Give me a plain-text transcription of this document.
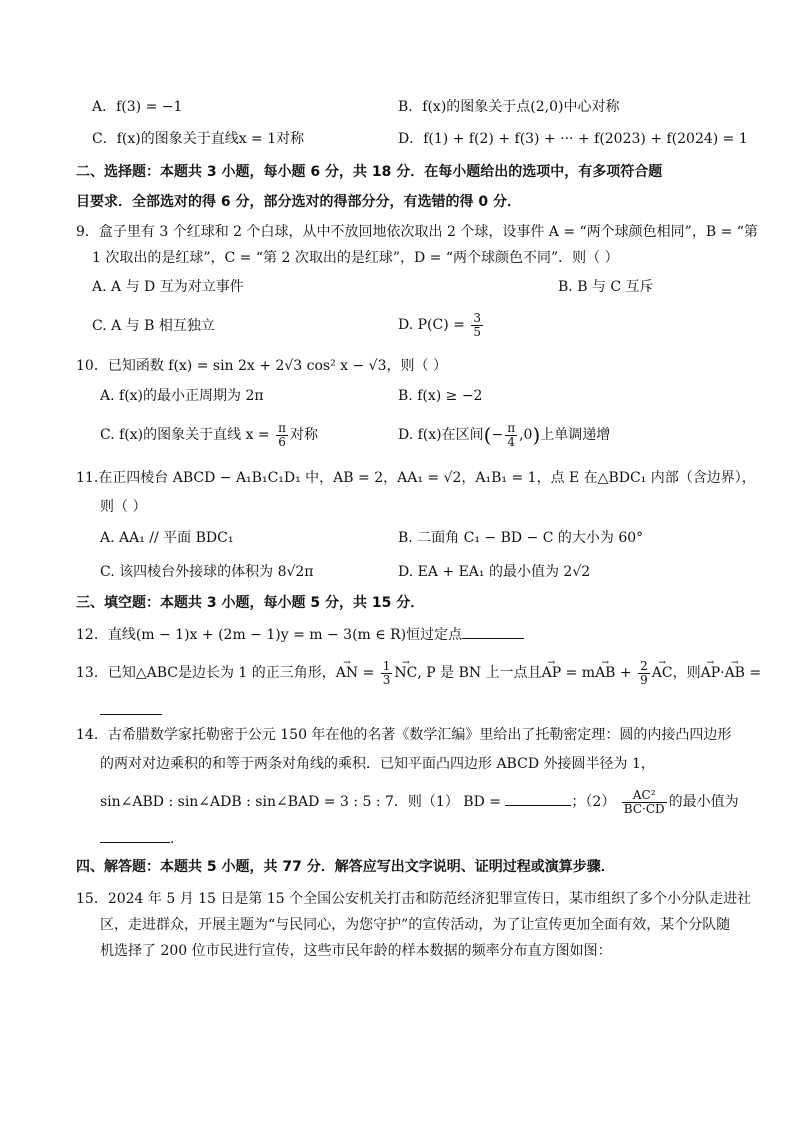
A．f(3) = −1	B．f(x)的图象关于点(2,0)中心对称
C．f(x)的图象关于直线x = 1对称	D．f(1) + f(2) + f(3) + ··· + f(2023) + f(2024) = 1
二、选择题：本题共 3 小题，每小题 6 分，共 18 分．在每小题给出的选项中，有多项符合题
目要求．全部选对的得 6 分，部分选对的得部分分，有选错的得 0 分．
9．盒子里有 3 个红球和 2 个白球，从中不放回地依次取出 2 个球，设事件 A = “两个球颜色相同”，B = “第
1 次取出的是红球”，C = “第 2 次取出的是红球”，D = “两个球颜色不同”．则（ ）
A. A 与 D 互为对立事件	B. B 与 C 互斥
C. A 与 B 相互独立	D. $P(C) = \frac{3}{5}$
10．已知函数 f(x) = sin 2x + 2√3 cos² x − √3，则（ ）
A. f(x)的最小正周期为 2π	B. f(x) ≥ −2
C. f(x)的图象关于直线 $x = \frac{\pi}{6}$ 对称	D. f(x)在区间(− $\frac{\pi}{4} ,0$)上单调递增
11.在正四棱台 ABCD − A₁B₁C₁D₁ 中，AB = 2，AA₁ = √2，A₁B₁ = 1，点 E 在△BDC₁ 内部（含边界），
则（ ）
A. AA₁ // 平面 BDC₁	B. 二面角 C₁ − BD − C 的大小为 60°
C. 该四棱台外接球的体积为 8√2π	D. EA + EA₁ 的最小值为 2√2
三、填空题：本题共 3 小题，每小题 5 分，共 15 分．
12．直线(m − 1)x + (2m − 1)y = m − 3(m ∈ R)恒过定点
13．已知△ABC是边长为 1 的正三角形，→ AN = $\frac{1}{3}$ → NC, P 是 BN 上一点且→ AP = m→ AB + $\frac{2}{9}$ → AC，则→ AP·→ AB =
14．古希腊数学家托勒密于公元 150 年在他的名著《数学汇编》里给出了托勒密定理：圆的内接凸四边形
的两对对边乘积的和等于两条对角线的乘积．已知平面凸四边形 ABCD 外接圆半径为 1，
sin∠ABD : sin∠ADB : sin∠BAD = 3 : 5 : 7．则（1） BD =	；$(2) \frac{\text{AC²}}{BC\cdot CD}$ 的最小值为
．
四、解答题：本题共 5 小题，共 77 分．解答应写出文字说明、证明过程或演算步骤．
15．2024 年 5 月 15 日是第 15 个全国公安机关打击和防范经济犯罪宣传日，某市组织了多个小分队走进社
区，走进群众，开展主题为“与民同心，为您守护”的宣传活动，为了让宣传更加全面有效，某个分队随
机选择了 200 位市民进行宣传，这些市民年龄的样本数据的频率分布直方图如图：
